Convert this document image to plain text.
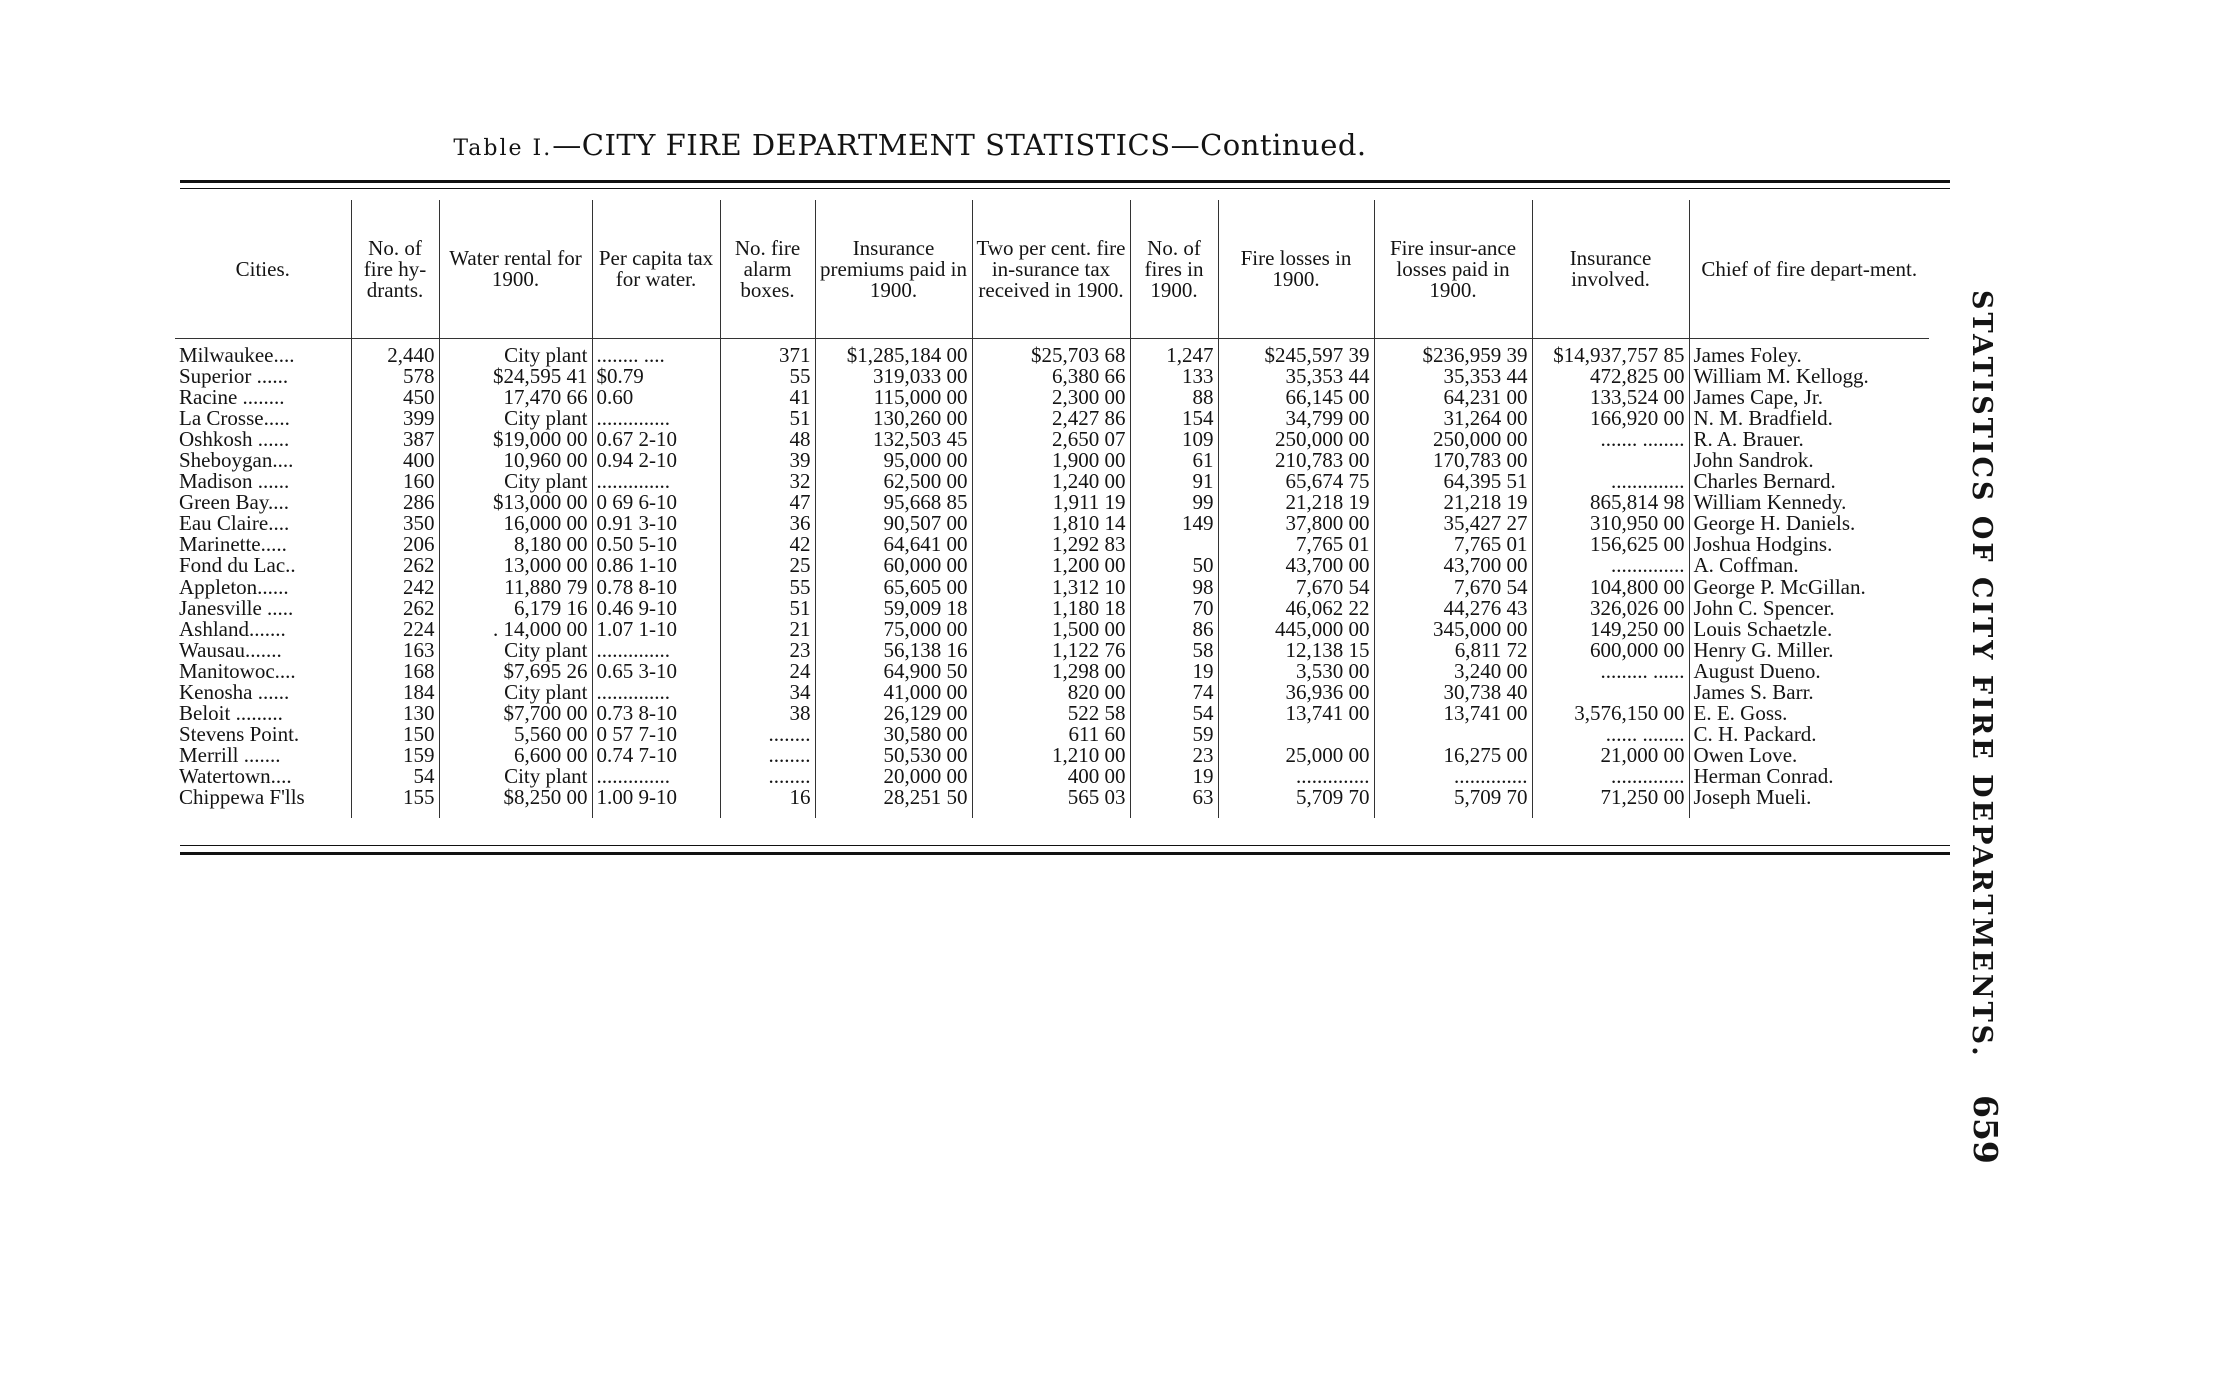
Table I.—CITY FIRE DEPARTMENT STATISTICS—Continued.
Cities.	No. of fire hy-drants.	Water rental for 1900.	Per capita tax for water.	No. fire alarm boxes.	Insurance premiums paid in 1900.	Two per cent. fire in-surance tax received in 1900.	No. of fires in 1900.	Fire losses in 1900.	Fire insur-ance losses paid in 1900.	Insurance involved.	Chief of fire depart-ment.
Milwaukee....	2,440	City plant	........ ....	371	$1,285,184 00	$25,703 68	1,247	$245,597 39	$236,959 39	$14,937,757 85	James Foley.
Superior ......	578	$24,595 41	$0.79	55	319,033 00	6,380 66	133	35,353 44	35,353 44	472,825 00	William M. Kellogg.
Racine ........	450	17,470 66	0.60	41	115,000 00	2,300 00	88	66,145 00	64,231 00	133,524 00	James Cape, Jr.
La Crosse.....	399	City plant	..............	51	130,260 00	2,427 86	154	34,799 00	31,264 00	166,920 00	N. M. Bradfield.
Oshkosh ......	387	$19,000 00	0.67 2-10	48	132,503 45	2,650 07	109	250,000 00	250,000 00	....... ........	R. A. Brauer.
Sheboygan....	400	10,960 00	0.94 2-10	39	95,000 00	1,900 00	61	210,783 00	170,783 00		John Sandrok.
Madison ......	160	City plant	..............	32	62,500 00	1,240 00	91	65,674 75	64,395 51	..............	Charles Bernard.
Green Bay....	286	$13,000 00	0 69 6-10	47	95,668 85	1,911 19	99	21,218 19	21,218 19	865,814 98	William Kennedy.
Eau Claire....	350	16,000 00	0.91 3-10	36	90,507 00	1,810 14	149	37,800 00	35,427 27	310,950 00	George H. Daniels.
Marinette.....	206	8,180 00	0.50 5-10	42	64,641 00	1,292 83		7,765 01	7,765 01	156,625 00	Joshua Hodgins.
Fond du Lac..	262	13,000 00	0.86 1-10	25	60,000 00	1,200 00	50	43,700 00	43,700 00	..............	A. Coffman.
Appleton......	242	11,880 79	0.78 8-10	55	65,605 00	1,312 10	98	7,670 54	7,670 54	104,800 00	George P. McGillan.
Janesville .....	262	6,179 16	0.46 9-10	51	59,009 18	1,180 18	70	46,062 22	44,276 43	326,026 00	John C. Spencer.
Ashland.......	224	. 14,000 00	1.07 1-10	21	75,000 00	1,500 00	86	445,000 00	345,000 00	149,250 00	Louis Schaetzle.
Wausau.......	163	City plant	..............	23	56,138 16	1,122 76	58	12,138 15	6,811 72	600,000 00	Henry G. Miller.
Manitowoc....	168	$7,695 26	0.65 3-10	24	64,900 50	1,298 00	19	3,530 00	3,240 00	......... ......	August Dueno.
Kenosha ......	184	City plant	..............	34	41,000 00	820 00	74	36,936 00	30,738 40		James S. Barr.
Beloit .........	130	$7,700 00	0.73 8-10	38	26,129 00	522 58	54	13,741 00	13,741 00	3,576,150 00	E. E. Goss.
Stevens Point.	150	5,560 00	0 57 7-10	........	30,580 00	611 60	59			...... ........	C. H. Packard.
Merrill .......	159	6,600 00	0.74 7-10	........	50,530 00	1,210 00	23	25,000 00	16,275 00	21,000 00	Owen Love.
Watertown....	54	City plant	..............	........	20,000 00	400 00	19	..............	..............	..............	Herman Conrad.
Chippewa F'lls	155	$8,250 00	1.00 9-10	16	28,251 50	565 03	63	5,709 70	5,709 70	71,250 00	Joseph Mueli.	STATISTICS OF CITY FIRE DEPARTMENTS.
659
